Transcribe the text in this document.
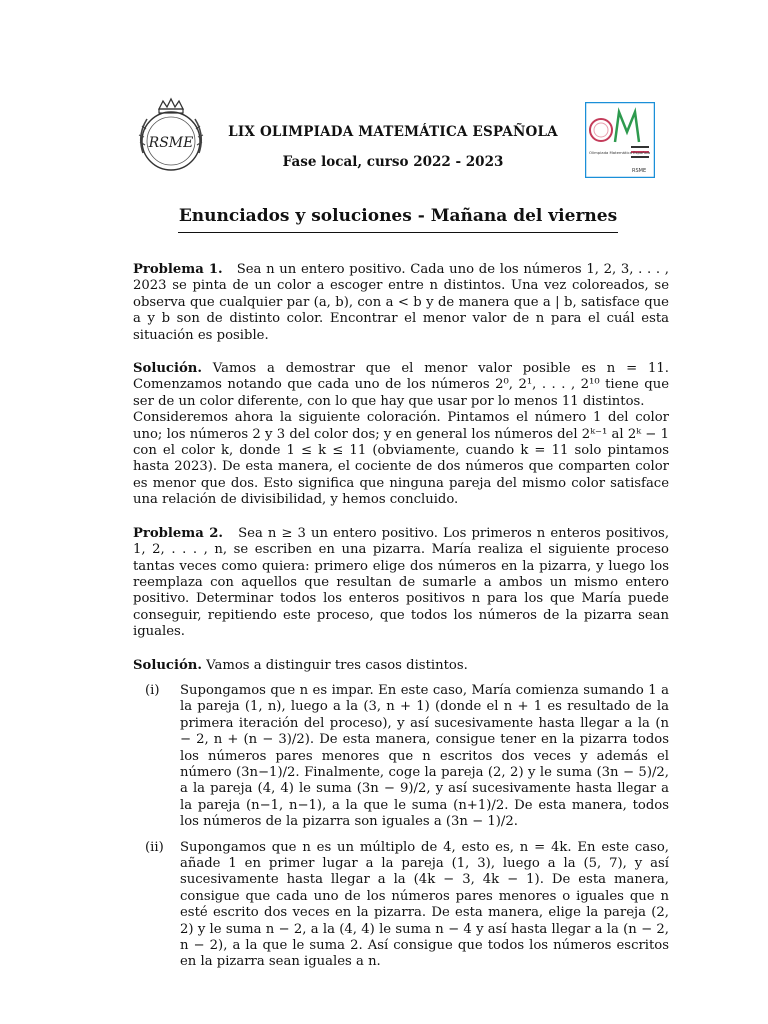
RSME
Olimpiada Matemática Española
RSME
LIX OLIMPIADA MATEMÁTICA ESPAÑOLA
Fase local, curso 2022 - 2023
Enunciados y soluciones - Mañana del viernes

Problema 1. Sea n un entero positivo. Cada uno de los números 1, 2, 3, . . . , 2023 se pinta de un color a escoger entre n distintos. Una vez coloreados, se observa que cualquier par (a, b), con a < b y de manera que a | b, satisface que a y b son de distinto color. Encontrar el menor valor de n para el cuál esta situación es posible.

Solución. Vamos a demostrar que el menor valor posible es n = 11. Comenzamos notando que cada uno de los números 2⁰, 2¹, . . . , 2¹⁰ tiene que ser de un color diferente, con lo que hay que usar por lo menos 11 distintos.

Consideremos ahora la siguiente coloración. Pintamos el número 1 del color uno; los números 2 y 3 del color dos; y en general los números del 2ᵏ⁻¹ al 2ᵏ − 1 con el color k, donde 1 ≤ k ≤ 11 (obviamente, cuando k = 11 solo pintamos hasta 2023). De esta manera, el cociente de dos números que comparten color es menor que dos. Esto significa que ninguna pareja del mismo color satisface una relación de divisibilidad, y hemos concluido.

Problema 2. Sea n ≥ 3 un entero positivo. Los primeros n enteros positivos, 1, 2, . . . , n, se escriben en una pizarra. María realiza el siguiente proceso tantas veces como quiera: primero elige dos números en la pizarra, y luego los reemplaza con aquellos que resultan de sumarle a ambos un mismo entero positivo. Determinar todos los enteros positivos n para los que María puede conseguir, repitiendo este proceso, que todos los números de la pizarra sean iguales.

Solución. Vamos a distinguir tres casos distintos.

(i) Supongamos que n es impar. En este caso, María comienza sumando 1 a la pareja (1, n), luego a la (3, n + 1) (donde el n + 1 es resultado de la primera iteración del proceso), y así sucesivamente hasta llegar a la (n − 2, n + (n − 3)/2). De esta manera, consigue tener en la pizarra todos los números pares menores que n escritos dos veces y además el número (3n−1)/2. Finalmente, coge la pareja (2, 2) y le suma (3n − 5)/2, a la pareja (4, 4) le suma (3n − 9)/2, y así sucesivamente hasta llegar a la pareja (n−1, n−1), a la que le suma (n+1)/2. De esta manera, todos los números de la pizarra son iguales a (3n − 1)/2.

(ii) Supongamos que n es un múltiplo de 4, esto es, n = 4k. En este caso, añade 1 en primer lugar a la pareja (1, 3), luego a la (5, 7), y así sucesivamente hasta llegar a la (4k − 3, 4k − 1). De esta manera, consigue que cada uno de los números pares menores o iguales que n esté escrito dos veces en la pizarra. De esta manera, elige la pareja (2, 2) y le suma n − 2, a la (4, 4) le suma n − 4 y así hasta llegar a la (n − 2, n − 2), a la que le suma 2. Así consigue que todos los números escritos en la pizarra sean iguales a n.
